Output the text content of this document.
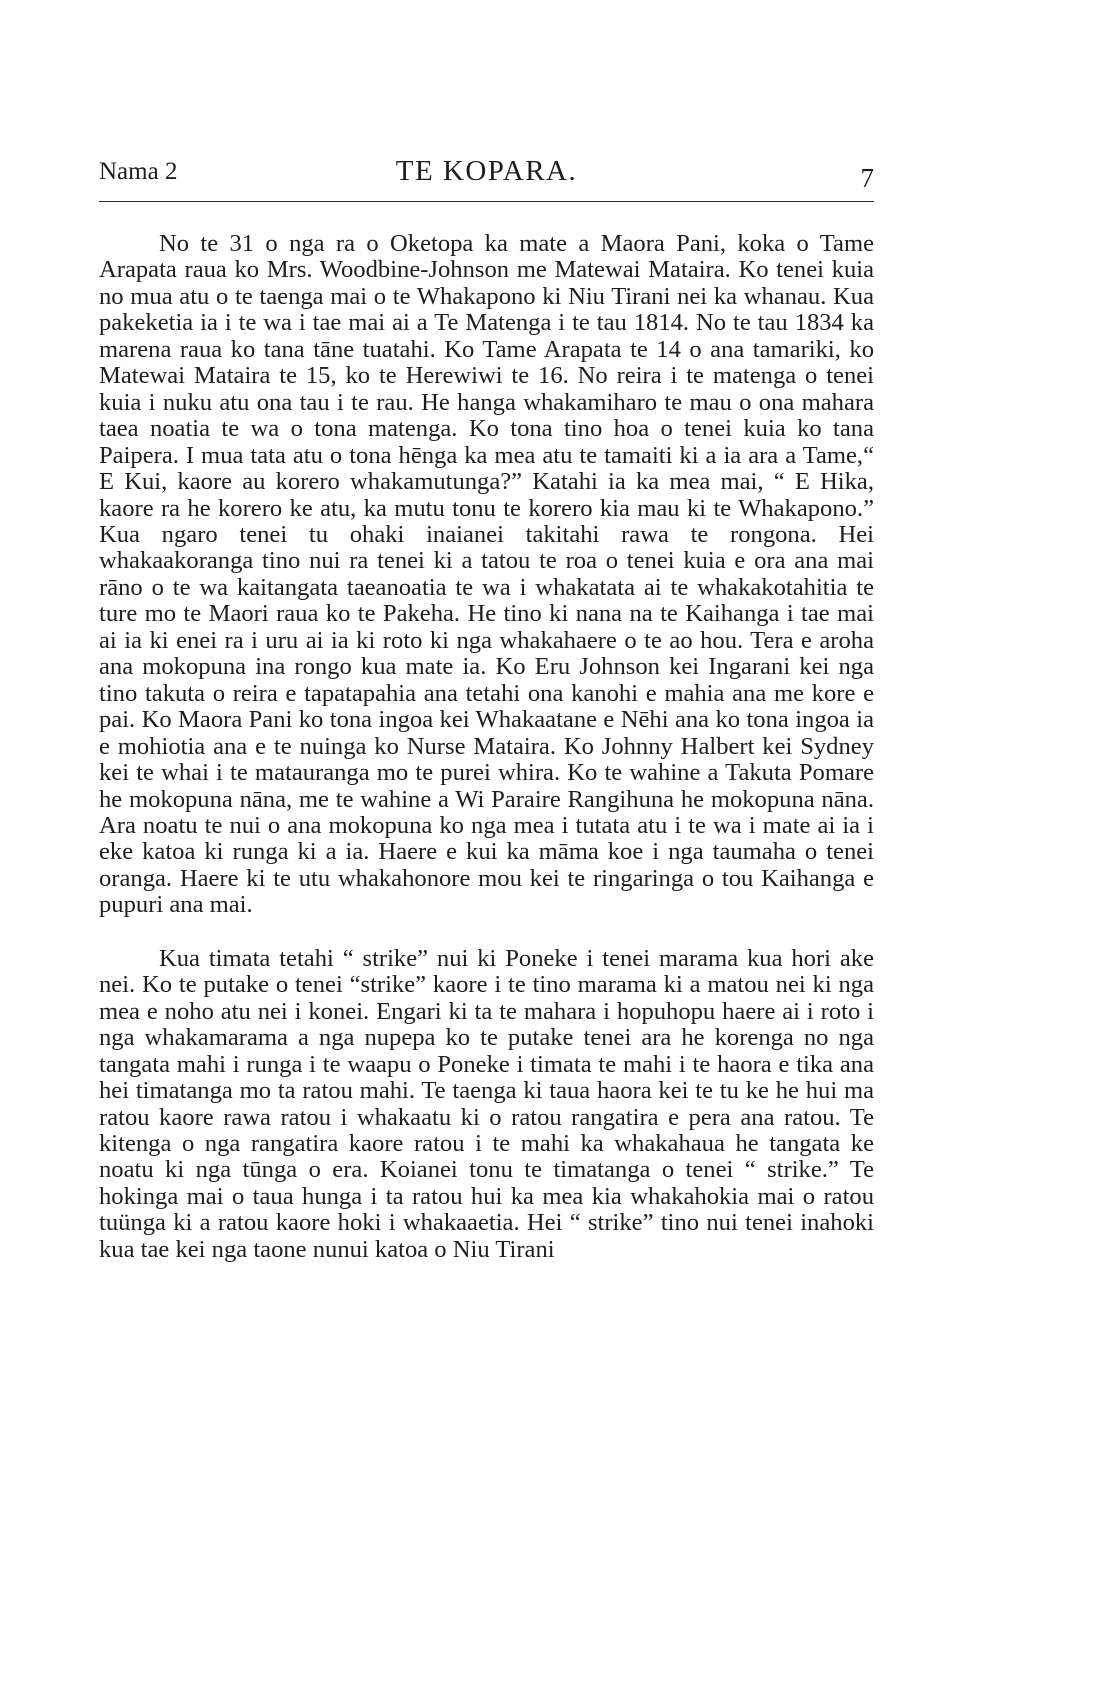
Nama 2	TE KOPARA.	7

No te 31 o nga ra o Oketopa ka mate a Maora Pani, koka o Tame Arapata raua ko Mrs. Woodbine-Johnson me Matewai Mataira. Ko tenei kuia no mua atu o te taenga mai o te Whakapono ki Niu Tirani nei ka whanau. Kua pakeketia ia i te wa i tae mai ai a Te Matenga i te tau 1814. No te tau 1834 ka marena raua ko tana tāne tuatahi. Ko Tame Arapata te 14 o ana tamariki, ko Matewai Mataira te 15, ko te Herewiwi te 16. No reira i te matenga o tenei kuia i nuku atu ona tau i te rau. He hanga whakamiharo te mau o ona mahara taea noatia te wa o tona matenga. Ko tona tino hoa o tenei kuia ko tana Paipera. I mua tata atu o tona hēnga ka mea atu te tamaiti ki a ia ara a Tame,“ E Kui, kaore au korero whakamutunga?” Katahi ia ka mea mai, “ E Hika, kaore ra he korero ke atu, ka mutu tonu te korero kia mau ki te Whakapono.” Kua ngaro tenei tu ohaki inaianei takitahi rawa te rongona. Hei whakaakoranga tino nui ra tenei ki a tatou te roa o tenei kuia e ora ana mai rāno o te wa kaitangata taeanoatia te wa i whakatata ai te whakakotahitia te ture mo te Maori raua ko te Pakeha. He tino ki nana na te Kaihanga i tae mai ai ia ki enei ra i uru ai ia ki roto ki nga whakahaere o te ao hou. Tera e aroha ana mokopuna ina rongo kua mate ia. Ko Eru Johnson kei Ingarani kei nga tino takuta o reira e tapatapahia ana tetahi ona kanohi e mahia ana me kore e pai. Ko Maora Pani ko tona ingoa kei Whakaatane e Nēhi ana ko tona ingoa ia e mohiotia ana e te nuinga ko Nurse Mataira. Ko Johnny Halbert kei Sydney kei te whai i te matauranga mo te purei whira. Ko te wahine a Takuta Pomare he mokopuna nāna, me te wahine a Wi Paraire Rangihuna he mokopuna nāna. Ara noatu te nui o ana mokopuna ko nga mea i tutata atu i te wa i mate ai ia i eke katoa ki runga ki a ia. Haere e kui ka māma koe i nga taumaha o tenei oranga. Haere ki te utu whakahonore mou kei te ringaringa o tou Kaihanga e pupuri ana mai.

Kua timata tetahi “ strike” nui ki Poneke i tenei marama kua hori ake nei. Ko te putake o tenei “strike” kaore i te tino marama ki a matou nei ki nga mea e noho atu nei i konei. Engari ki ta te mahara i hopuhopu haere ai i roto i nga whakamarama a nga nupepa ko te putake tenei ara he korenga no nga tangata mahi i runga i te waapu o Poneke i timata te mahi i te haora e tika ana hei timatanga mo ta ratou mahi. Te taenga ki taua haora kei te tu ke he hui ma ratou kaore rawa ratou i whakaatu ki o ratou rangatira e pera ana ratou. Te kitenga o nga rangatira kaore ratou i te mahi ka whakahaua he tangata ke noatu ki nga tūnga o era. Koianei tonu te timatanga o tenei “ strike.” Te hokinga mai o taua hunga i ta ratou hui ka mea kia whakahokia mai o ratou tuünga ki a ratou kaore hoki i whakaaetia. Hei “ strike” tino nui tenei inahoki kua tae kei nga taone nunui katoa o Niu Tirani
